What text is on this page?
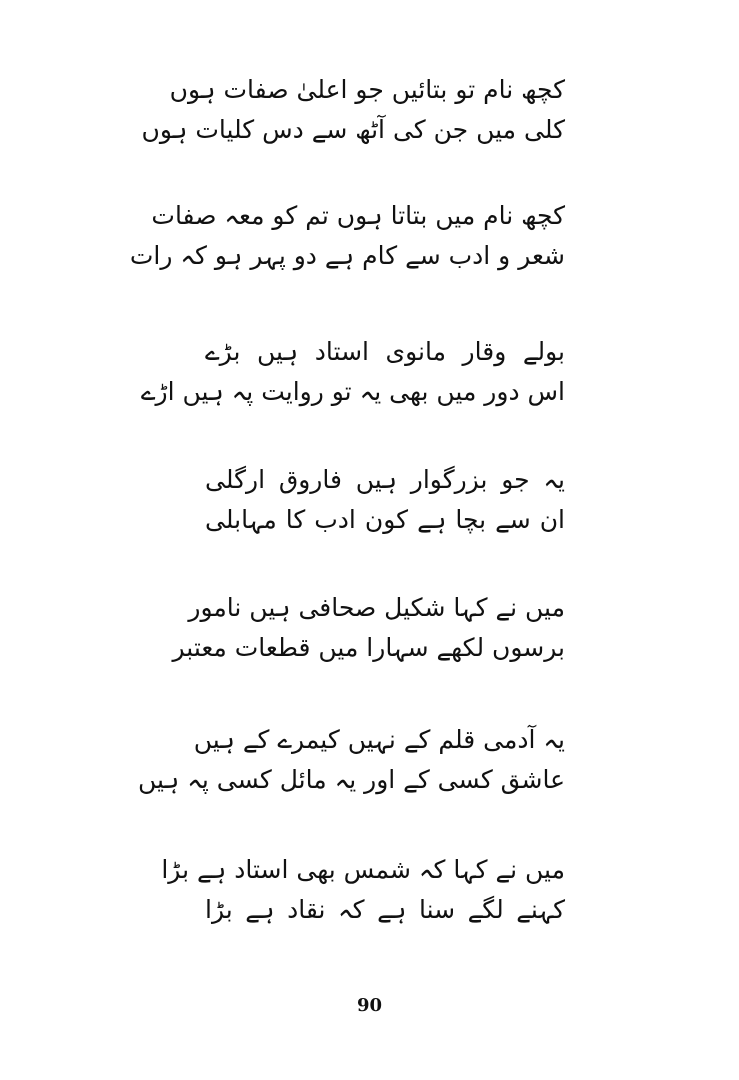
کچھ نام تو بتائیں جو اعلیٰ صفات ہوں
کلی میں جن کی آٹھ سے دس کلیات ہوں
کچھ نام میں بتاتا ہوں تم کو معہ صفات
شعر و ادب سے کام ہے دو پہر ہو کہ رات
بولے وقار مانوی استاد ہیں بڑے
اس دور میں بھی یہ تو روایت پہ ہیں اڑے
یہ جو بزرگوار ہیں فاروق ارگلی
ان سے بچا ہے کون ادب کا مہابلی
میں نے کہا شکیل صحافی ہیں نامور
برسوں لکھے سہارا میں قطعات معتبر
یہ آدمی قلم کے نہیں کیمرے کے ہیں
عاشق کسی کے اور یہ مائل کسی پہ ہیں
میں نے کہا کہ شمس بھی استاد ہے بڑا
کہنے لگے سنا ہے کہ نقاد ہے بڑا
90
